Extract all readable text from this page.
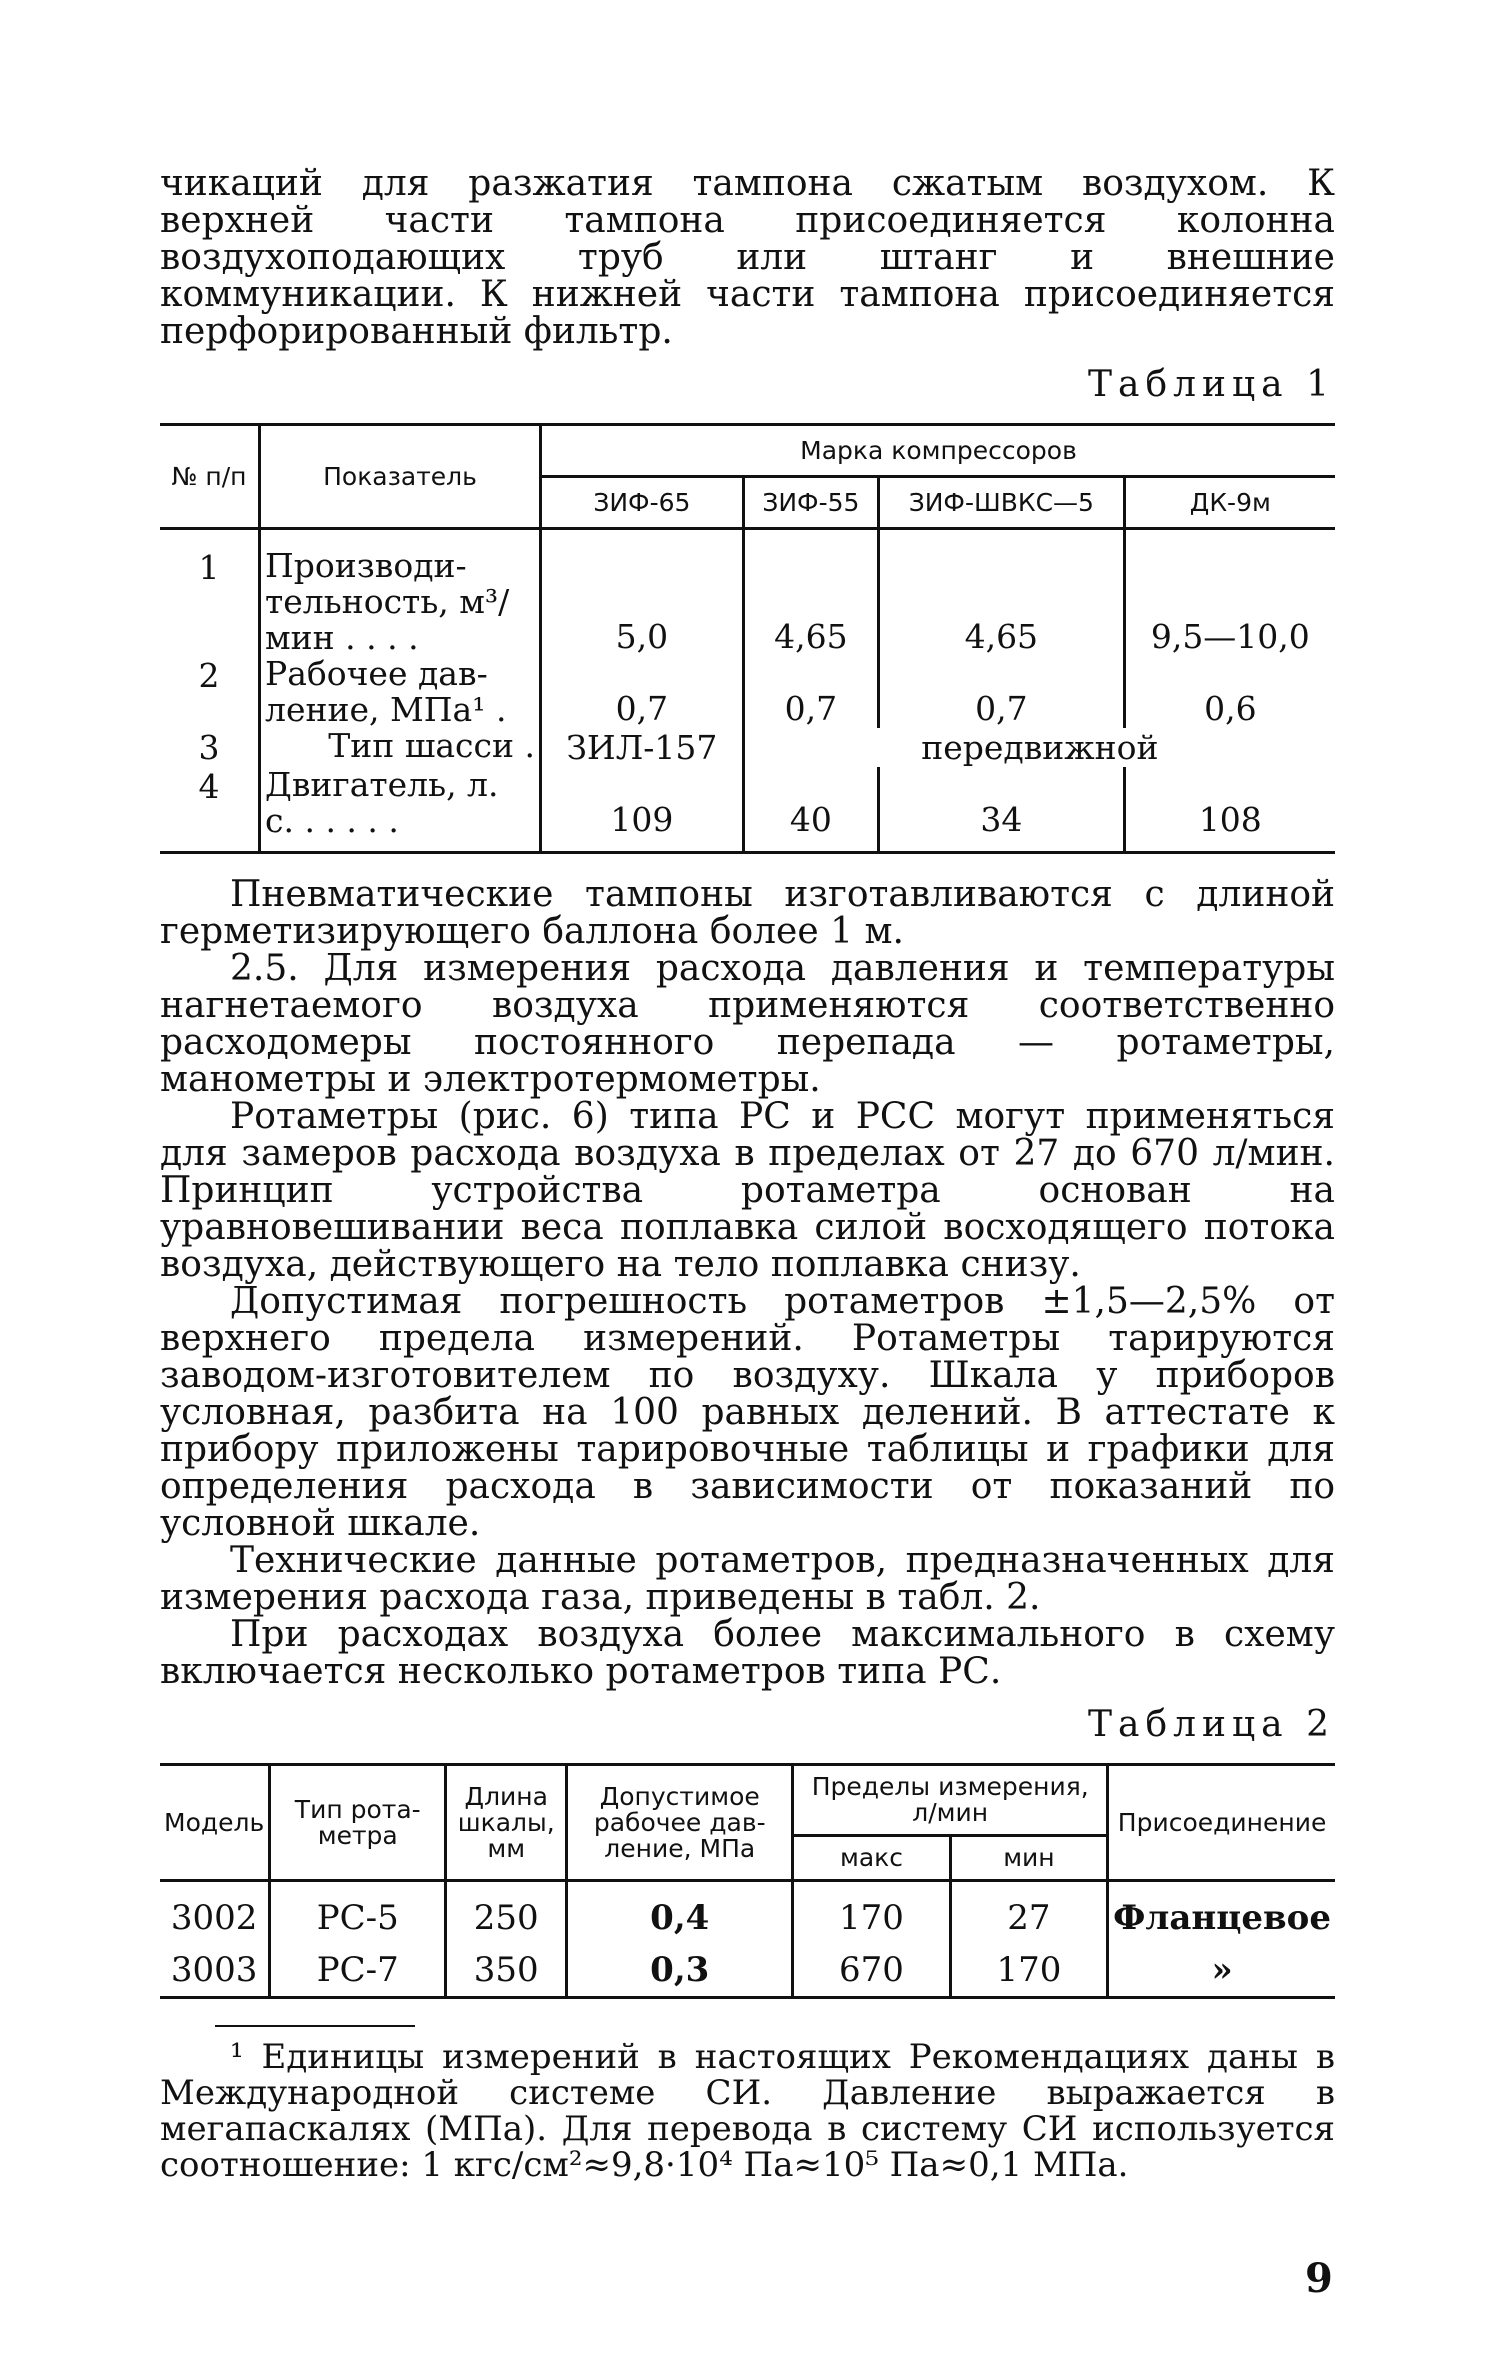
чикаций для разжатия тампона сжатым воздухом. К верхней части тампона присоединяется колонна воздухоподающих труб или штанг и внешние коммуникации. К нижней части тампона присоединяется перфорированный фильтр.

Таблица 1
№ п/п	Показатель	Марка компрессоров			
		ЗИФ-65	ЗИФ-55	ЗИФ-ШВКС—5	ДК-9м
1	Производительность, м³/мин . . . .	5,0	4,65	4,65	9,5—10,0
2	Рабочее давление, МПа¹ .	0,7	0,7	0,7	0,6
3	Тип шасси .	ЗИЛ-157	передвижной		
4	Двигатель, л. с. . . . . .	109	40	34	108

Пневматические тампоны изготавливаются с длиной герметизирующего баллона более 1 м.

2.5. Для измерения расхода давления и температуры нагнетаемого воздуха применяются соответственно расходомеры постоянного перепада — ротаметры, манометры и электротермометры.

Ротаметры (рис. 6) типа РС и РСС могут применяться для замеров расхода воздуха в пределах от 27 до 670 л/мин. Принцип устройства ротаметра основан на уравновешивании веса поплавка силой восходящего потока воздуха, действующего на тело поплавка снизу.

Допустимая погрешность ротаметров ±1,5—2,5% от верхнего предела измерений. Ротаметры тарируются заводом-изготовителем по воздуху. Шкала у приборов условная, разбита на 100 равных делений. В аттестате к прибору приложены тарировочные таблицы и графики для определения расхода в зависимости от показаний по условной шкале.

Технические данные ротаметров, предназначенных для измерения расхода газа, приведены в табл. 2.

При расходах воздуха более максимального в схему включается несколько ротаметров типа РС.

Таблица 2
Модель	Тип ротаметра	Длина шкалы, мм	Допустимое рабочее давление, МПа	Пределы измерения, л/мин		Присоединение
				макс	мин	
3002	РС-5	250	0,4	170	27	Фланцевое
3003	РС-7	350	0,3	670	170	»

¹ Единицы измерений в настоящих Рекомендациях даны в Международной системе СИ. Давление выражается в мегапаскалях (МПа). Для перевода в систему СИ используется соотношение: 1 кгс/см²≈9,8·10⁴ Па≈10⁵ Па≈0,1 МПа.

9
